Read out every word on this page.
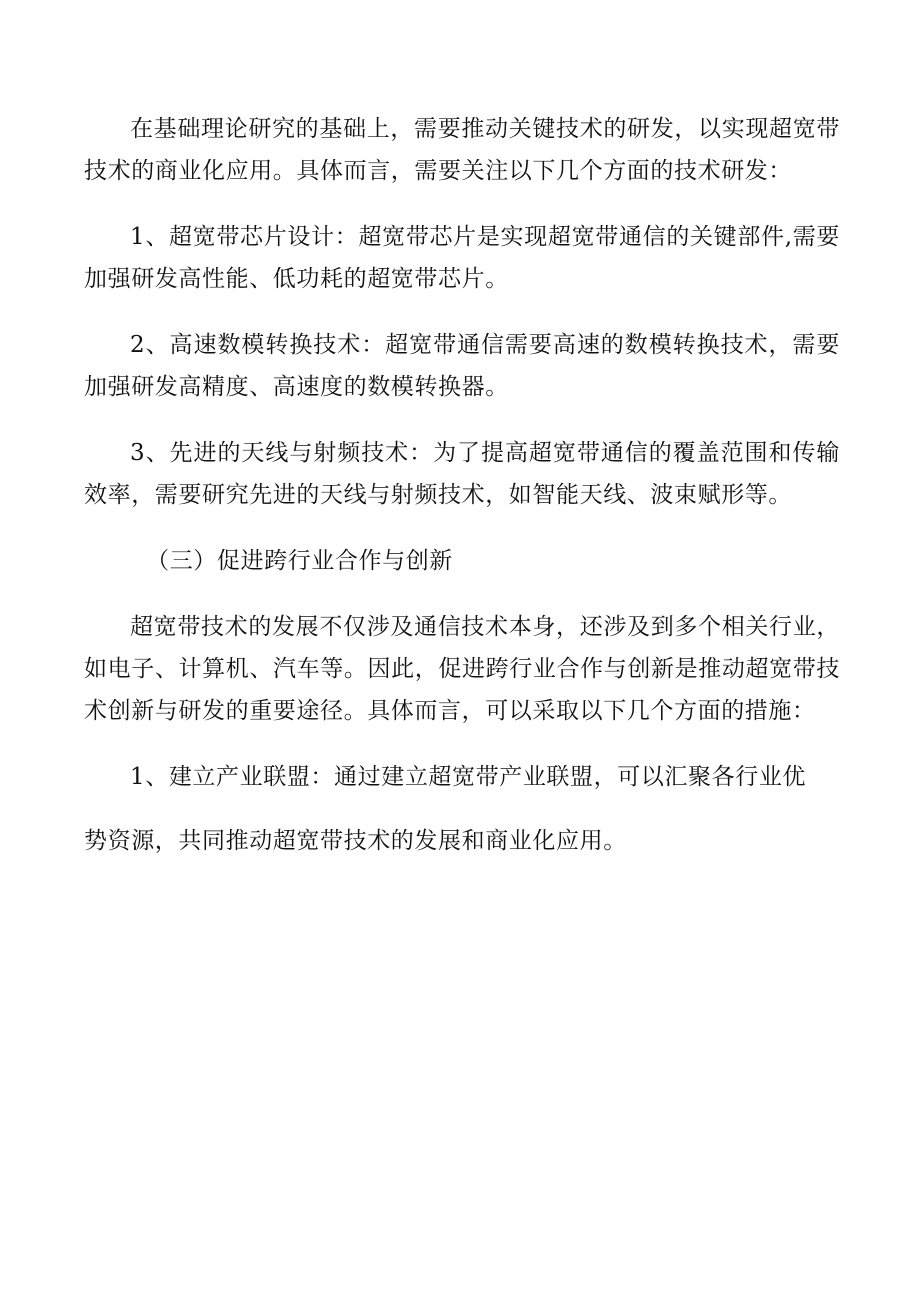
在基础理论研究的基础上，需要推动关键技术的研发，以实现超宽带技术的商业化应用。具体而言，需要关注以下几个方面的技术研发：

1、超宽带芯片设计：超宽带芯片是实现超宽带通信的关键部件,需要加强研发高性能、低功耗的超宽带芯片。

2、高速数模转换技术：超宽带通信需要高速的数模转换技术，需要加强研发高精度、高速度的数模转换器。

3、先进的天线与射频技术：为了提高超宽带通信的覆盖范围和传输效率，需要研究先进的天线与射频技术，如智能天线、波束赋形等。

（三）促进跨行业合作与创新

超宽带技术的发展不仅涉及通信技术本身，还涉及到多个相关行业，如电子、计算机、汽车等。因此，促进跨行业合作与创新是推动超宽带技术创新与研发的重要途径。具体而言，可以采取以下几个方面的措施：

1、建立产业联盟：通过建立超宽带产业联盟，可以汇聚各行业优

势资源，共同推动超宽带技术的发展和商业化应用。
